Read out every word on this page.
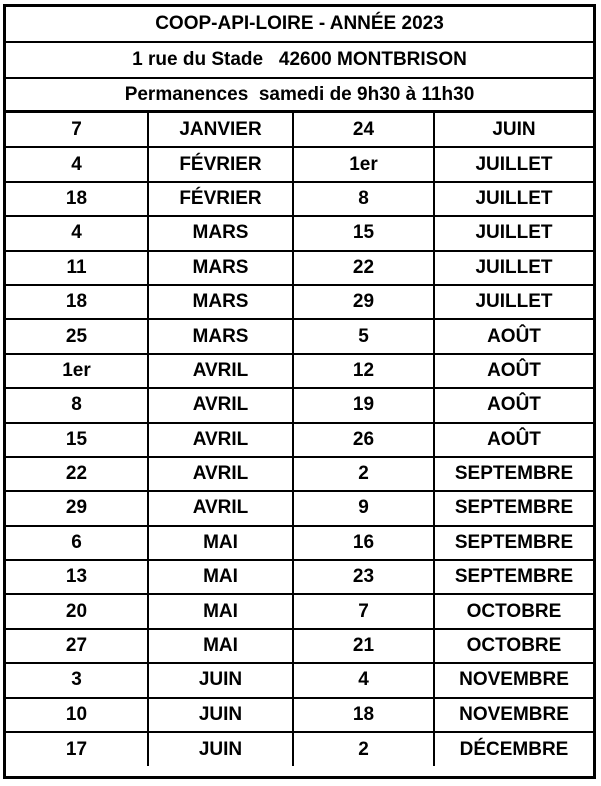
COOP-API-LOIRE - ANNÉE 2023
1 rue du Stade   42600 MONTBRISON
Permanences  samedi de 9h30 à 11h30
7	JANVIER	24	JUIN
4	FÉVRIER	1er	JUILLET
18	FÉVRIER	8	JUILLET
4	MARS	15	JUILLET
11	MARS	22	JUILLET
18	MARS	29	JUILLET
25	MARS	5	AOÛT
1er	AVRIL	12	AOÛT
8	AVRIL	19	AOÛT
15	AVRIL	26	AOÛT
22	AVRIL	2	SEPTEMBRE
29	AVRIL	9	SEPTEMBRE
6	MAI	16	SEPTEMBRE
13	MAI	23	SEPTEMBRE
20	MAI	7	OCTOBRE
27	MAI	21	OCTOBRE
3	JUIN	4	NOVEMBRE
10	JUIN	18	NOVEMBRE
17	JUIN	2	DÉCEMBRE
